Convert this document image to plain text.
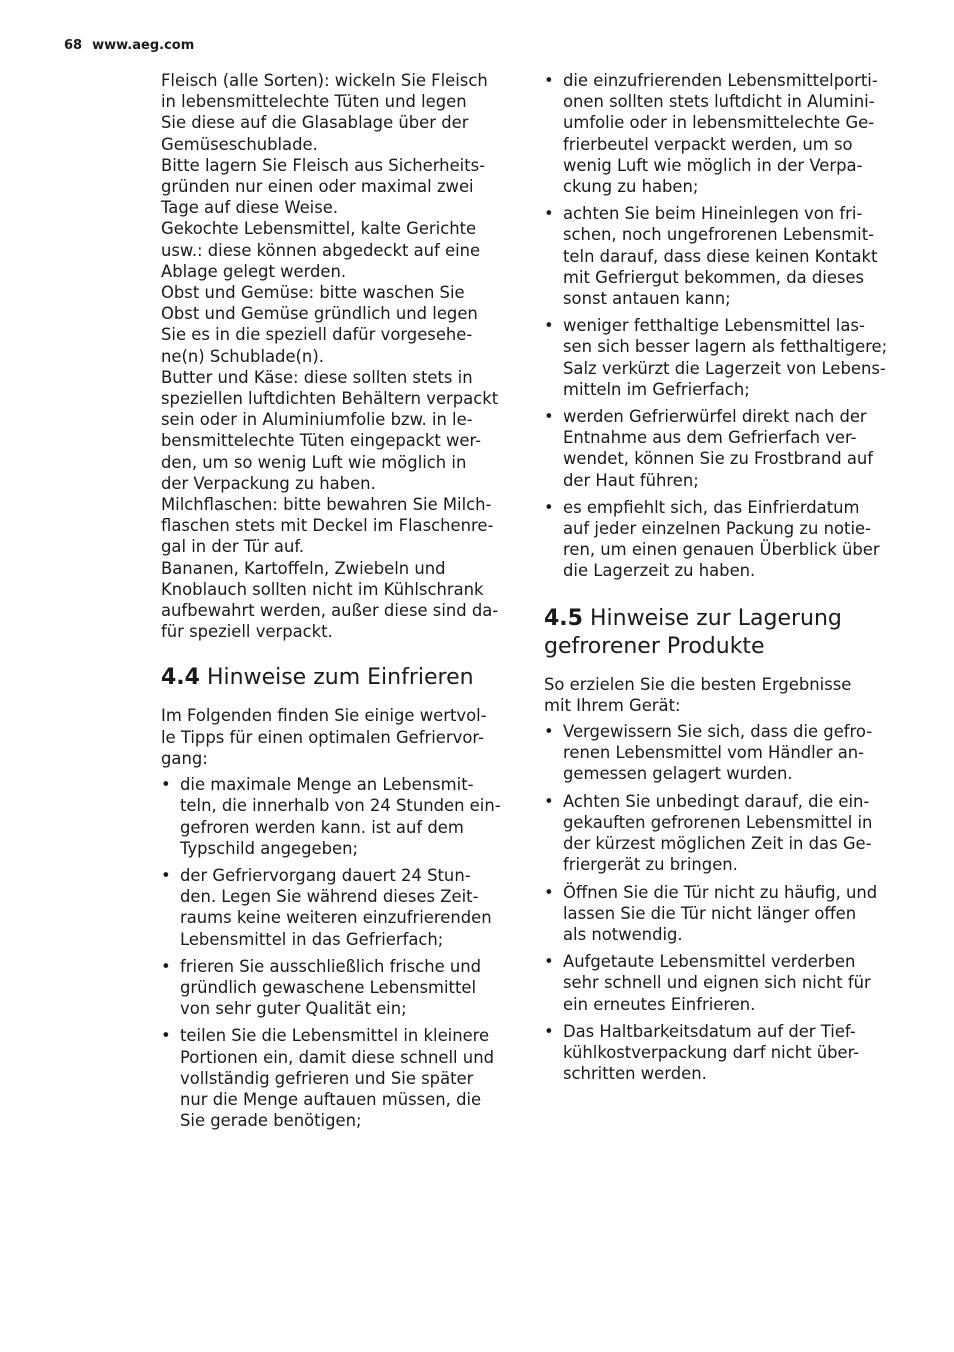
68 www.aeg.com

Fleisch (alle Sorten): wickeln Sie Fleisch
in lebensmittelechte Tüten und legen
Sie diese auf die Glasablage über der
Gemüseschublade.

Bitte lagern Sie Fleisch aus Sicherheits-
gründen nur einen oder maximal zwei
Tage auf diese Weise.

Gekochte Lebensmittel, kalte Gerichte
usw.: diese können abgedeckt auf eine
Ablage gelegt werden.

Obst und Gemüse: bitte waschen Sie
Obst und Gemüse gründlich und legen
Sie es in die speziell dafür vorgesehe-
ne(n) Schublade(n).

Butter und Käse: diese sollten stets in
speziellen luftdichten Behältern verpackt
sein oder in Aluminiumfolie bzw. in le-
bensmittelechte Tüten eingepackt wer-
den, um so wenig Luft wie möglich in
der Verpackung zu haben.

Milchflaschen: bitte bewahren Sie Milch-
flaschen stets mit Deckel im Flaschenre-
gal in der Tür auf.

Bananen, Kartoffeln, Zwiebeln und
Knoblauch sollten nicht im Kühlschrank
aufbewahrt werden, außer diese sind da-
für speziell verpackt.

4.4 Hinweise zum Einfrieren

Im Folgenden finden Sie einige wertvol-
le Tipps für einen optimalen Gefriervor-
gang:

• die maximale Menge an Lebensmit-
teln, die innerhalb von 24 Stunden ein-
gefroren werden kann. ist auf dem
Typschild angegeben;
• der Gefriervorgang dauert 24 Stun-
den. Legen Sie während dieses Zeit-
raums keine weiteren einzufrierenden
Lebensmittel in das Gefrierfach;
• frieren Sie ausschließlich frische und
gründlich gewaschene Lebensmittel
von sehr guter Qualität ein;
• teilen Sie die Lebensmittel in kleinere
Portionen ein, damit diese schnell und
vollständig gefrieren und Sie später
nur die Menge auftauen müssen, die
Sie gerade benötigen;
• die einzufrierenden Lebensmittelporti-
onen sollten stets luftdicht in Alumini-
umfolie oder in lebensmittelechte Ge-
frierbeutel verpackt werden, um so
wenig Luft wie möglich in der Verpa-
ckung zu haben;
• achten Sie beim Hineinlegen von fri-
schen, noch ungefrorenen Lebensmit-
teln darauf, dass diese keinen Kontakt
mit Gefriergut bekommen, da dieses
sonst antauen kann;
• weniger fetthaltige Lebensmittel las-
sen sich besser lagern als fetthaltigere;
Salz verkürzt die Lagerzeit von Lebens-
mitteln im Gefrierfach;
• werden Gefrierwürfel direkt nach der
Entnahme aus dem Gefrierfach ver-
wendet, können Sie zu Frostbrand auf
der Haut führen;
• es empfiehlt sich, das Einfrierdatum
auf jeder einzelnen Packung zu notie-
ren, um einen genauen Überblick über
die Lagerzeit zu haben.
4.5 Hinweise zur Lagerung
gefrorener Produkte

So erzielen Sie die besten Ergebnisse
mit Ihrem Gerät:

• Vergewissern Sie sich, dass die gefro-
renen Lebensmittel vom Händler an-
gemessen gelagert wurden.
• Achten Sie unbedingt darauf, die ein-
gekauften gefrorenen Lebensmittel in
der kürzest möglichen Zeit in das Ge-
friergerät zu bringen.
• Öffnen Sie die Tür nicht zu häufig, und
lassen Sie die Tür nicht länger offen
als notwendig.
• Aufgetaute Lebensmittel verderben
sehr schnell und eignen sich nicht für
ein erneutes Einfrieren.
• Das Haltbarkeitsdatum auf der Tief-
kühlkostverpackung darf nicht über-
schritten werden.
